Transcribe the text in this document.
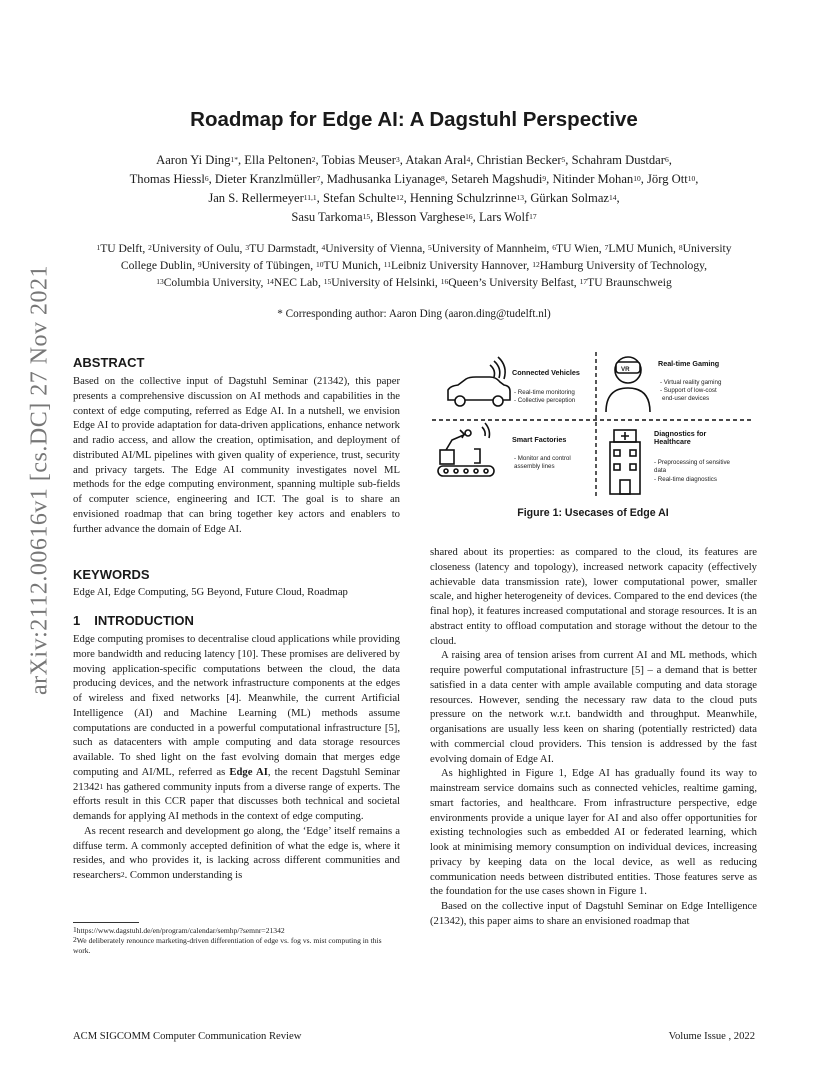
arXiv:2112.00616v1 [cs.DC] 27 Nov 2021
Roadmap for Edge AI: A Dagstuhl Perspective
Aaron Yi Ding$^{1*}$, Ella Peltonen$^2$, Tobias Meuser$^3$, Atakan Aral$^4$, Christian Becker$^5$, Schahram Dustdar$^6$,
Thomas Hiessl$^6$, Dieter Kranzlmüller$^7$, Madhusanka Liyanage$^8$, Setareh Magshudi$^9$, Nitinder Mohan$^{10}$, Jörg Ott$^{10}$,
Jan S. Rellermeyer$^{11,1}$, Stefan Schulte$^{12}$, Henning Schulzrinne$^{13}$, Gürkan Solmaz$^{14}$,
Sasu Tarkoma$^{15}$, Blesson Varghese$^{16}$, Lars Wolf$^{17}$
$^1$TU Delft, $^2$University of Oulu, $^3$TU Darmstadt, $^4$University of Vienna, $^5$University of Mannheim, $^6$TU Wien, $^7$LMU Munich, $^8$University College Dublin, $^9$University of Tübingen, $^{10}$TU Munich, $^{11}$Leibniz University Hannover, $^{12}$Hamburg University of Technology, $^{13}$Columbia University, $^{14}$NEC Lab, $^{15}$University of Helsinki, $^{16}$Queen’s University Belfast, $^{17}$TU Braunschweig
* Corresponding author: Aaron Ding (aaron.ding@tudelft.nl)
ABSTRACT

Based on the collective input of Dagstuhl Seminar (21342), this paper presents a comprehensive discussion on AI methods and capabilities in the context of edge computing, referred as Edge AI. In a nutshell, we envision Edge AI to provide adaptation for data-driven applications, enhance network and radio access, and allow the creation, optimisation, and deployment of distributed AI/ML pipelines with given quality of experience, trust, security and privacy targets. The Edge AI community investigates novel ML methods for the edge computing environment, spanning multiple sub-fields of computer science, engineering and ICT. The goal is to share an envisioned roadmap that can bring together key actors and enablers to further advance the domain of Edge AI.

KEYWORDS
Edge AI, Edge Computing, 5G Beyond, Future Cloud, Roadmap
1 INTRODUCTION

Edge computing promises to decentralise cloud applications while providing more bandwidth and reducing latency [10]. These promises are delivered by moving application-specific computations between the cloud, the data producing devices, and the network infrastructure components at the edges of wireless and fixed networks [4]. Meanwhile, the current Artificial Intelligence (AI) and Machine Learning (ML) methods assume computations are conducted in a powerful computational infrastructure [5], such as datacenters with ample computing and data storage resources available. To shed light on the fast evolving domain that merges edge computing and AI/ML, referred as Edge AI, the recent Dagstuhl Seminar 21342$^1$ has gathered community inputs from a diverse range of experts. The efforts result in this CCR paper that discusses both technical and societal demands for applying AI methods in the context of edge computing.

As recent research and development go along, the ‘Edge’ itself remains a diffuse term. A commonly accepted definition of what the edge is, where it resides, and who provides it, is lacking across different communities and researchers$^2$. Common understanding is

$^1$https://www.dagstuhl.de/en/program/calendar/semhp/?semnr=21342
$^2$We deliberately renounce marketing-driven differentiation of edge vs. fog vs. mist computing in this work.
Connected Vehicles
- Real-time monitoring
- Collective perception
VR
Real-time Gaming
- Virtual reality gaming
- Support of low-cost
end-user devices
Smart Factories
- Monitor and control
assembly lines
Diagnostics for
Healthcare
- Preprocessing of sensitive
data
- Real-time diagnostics
Figure 1: Usecases of Edge AI

shared about its properties: as compared to the cloud, its features are closeness (latency and topology), increased network capacity (effectively achievable data transmission rate), lower computational power, smaller scale, and higher heterogeneity of devices. Compared to the end devices (the final hop), it features increased computational and storage resources. It is an abstract entity to offload computation and storage without the detour to the cloud.

A raising area of tension arises from current AI and ML methods, which require powerful computational infrastructure [5] – a demand that is better satisfied in a data center with ample available computing and data storage resources. However, sending the necessary raw data to the cloud puts pressure on the network w.r.t. bandwidth and throughput. Meanwhile, organisations are usually less keen on sharing (potentially restricted) data with commercial cloud providers. This tension is addressed by the fast evolving domain of Edge AI.

As highlighted in Figure 1, Edge AI has gradually found its way to mainstream service domains such as connected vehicles, realtime gaming, smart factories, and healthcare. From infrastructure perspective, edge environments provide a unique layer for AI and also offer opportunities for existing technologies such as embedded AI or federated learning, which look at minimising memory consumption on individual devices, increasing privacy by keeping data on the local device, as well as reducing communication needs between distributed entities. Those features serve as the foundation for the use cases shown in Figure 1.

Based on the collective input of Dagstuhl Seminar on Edge Intelligence (21342), this paper aims to share an envisioned roadmap that

ACM SIGCOMM Computer Communication Review	Volume Issue , 2022
